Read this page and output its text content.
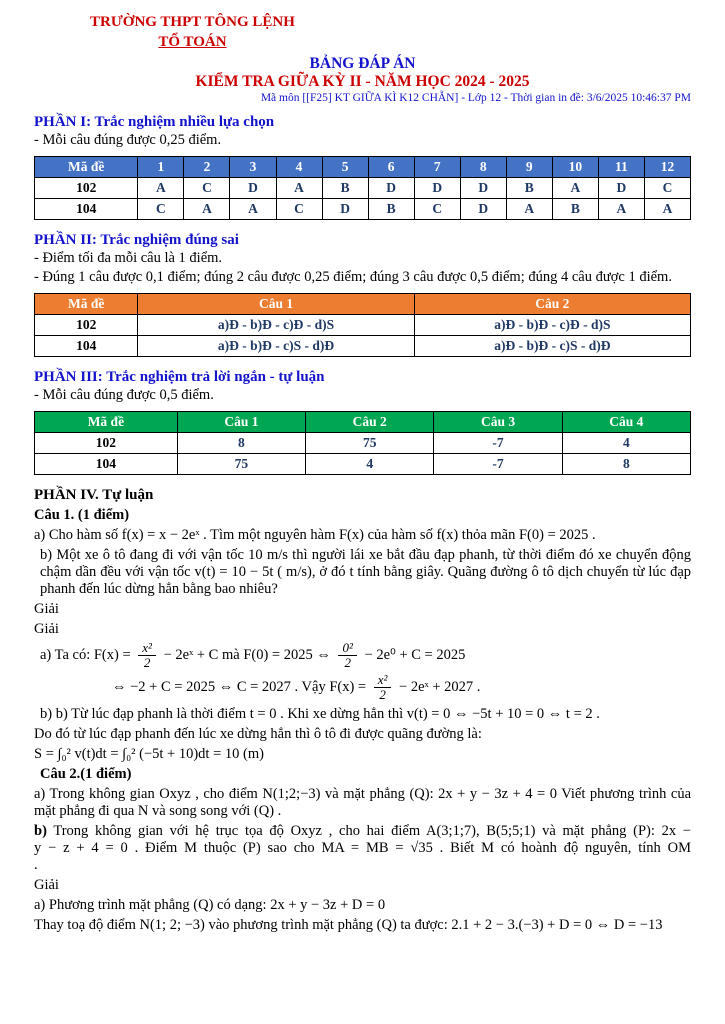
TRƯỜNG THPT TÔNG LỆNH
TỔ TOÁN
BẢNG ĐÁP ÁN
KIỂM TRA GIỮA KỲ II - NĂM HỌC 2024 - 2025
Mã môn [[F25] KT GIỮA KÌ K12 CHẴN] - Lớp 12 - Thời gian in đề: 3/6/2025 10:46:37 PM
PHẦN I: Trắc nghiệm nhiều lựa chọn

- Mỗi câu đúng được 0,25 điểm.

Mã đề	1	2	3	4	5	6	7	8	9	10	11	12
102	A	C	D	A	B	D	D	D	B	A	D	C
104	C	A	A	C	D	B	C	D	A	B	A	A
PHẦN II: Trắc nghiệm đúng sai

- Điểm tối đa mỗi câu là 1 điểm.

- Đúng 1 câu được 0,1 điểm; đúng 2 câu được 0,25 điểm; đúng 3 câu được 0,5 điểm; đúng 4 câu được 1 điểm.

Mã đề	Câu 1	Câu 2
102	a)Đ - b)Đ - c)Đ - d)S	a)Đ - b)Đ - c)Đ - d)S
104	a)Đ - b)Đ - c)S - d)Đ	a)Đ - b)Đ - c)S - d)Đ
PHẦN III: Trắc nghiệm trả lời ngắn - tự luận

- Mỗi câu đúng được 0,5 điểm.

Mã đề	Câu 1	Câu 2	Câu 3	Câu 4
102	8	75	-7	4
104	75	4	-7	8
PHẦN IV. Tự luận

Câu 1. (1 điểm)

a) Cho hàm số f(x) = x − 2eˣ . Tìm một nguyên hàm F(x) của hàm số f(x) thỏa mãn F(0) = 2025 .

b) Một xe ô tô đang đi với vận tốc 10 m/s thì người lái xe bắt đầu đạp phanh, từ thời điểm đó xe chuyển động chậm dần đều với vận tốc v(t) = 10 − 5t ( m/s), ở đó t tính bằng giây. Quãng đường ô tô dịch chuyển từ lúc đạp phanh đến lúc dừng hẳn bằng bao nhiêu?

Giải

Giải

a) Ta có: $F(x) = \frac{\text{x²}}{2}$ − 2eˣ + C mà F(0) = 2025 ⇔ $\frac{\text{0²}}{2} - 2e^0 + C = 2025$

⇔ −2 + C = 2025 ⇔ C = 2027 . Vậy $F(x) = \frac{\text{x²}}{2}$ − 2eˣ + 2027 .

b) b) Từ lúc đạp phanh là thời điểm t = 0 . Khi xe dừng hẳn thì v(t) = 0 ⇔ −5t + 10 = 0 ⇔ t = 2 .

Do đó từ lúc đạp phanh đến lúc xe dừng hẳn thì ô tô đi được quãng đường là:

S = ∫₀² v(t)dt = ∫₀² (−5t + 10)dt = 10 (m)

Câu 2.(1 điểm)

a) Trong không gian Oxyz , cho điểm N(1;2;−3) và mặt phẳng (Q): 2x + y − 3z + 4 = 0 Viết phương trình của mặt phẳng đi qua N và song song với (Q) .

b) Trong không gian với hệ trục tọa độ Oxyz , cho hai điểm A(3;1;7), B(5;5;1) và mặt phẳng (P): 2x − y − z + 4 = 0 . Điểm M thuộc (P) sao cho MA = MB = √35 . Biết M có hoành độ nguyên, tính OM .

Giải

a) Phương trình mặt phẳng (Q) có dạng: 2x + y − 3z + D = 0

Thay toạ độ điểm N(1; 2; −3) vào phương trình mặt phẳng (Q) ta được: 2.1 + 2 − 3.(−3) + D = 0 ⇔ D = −13
